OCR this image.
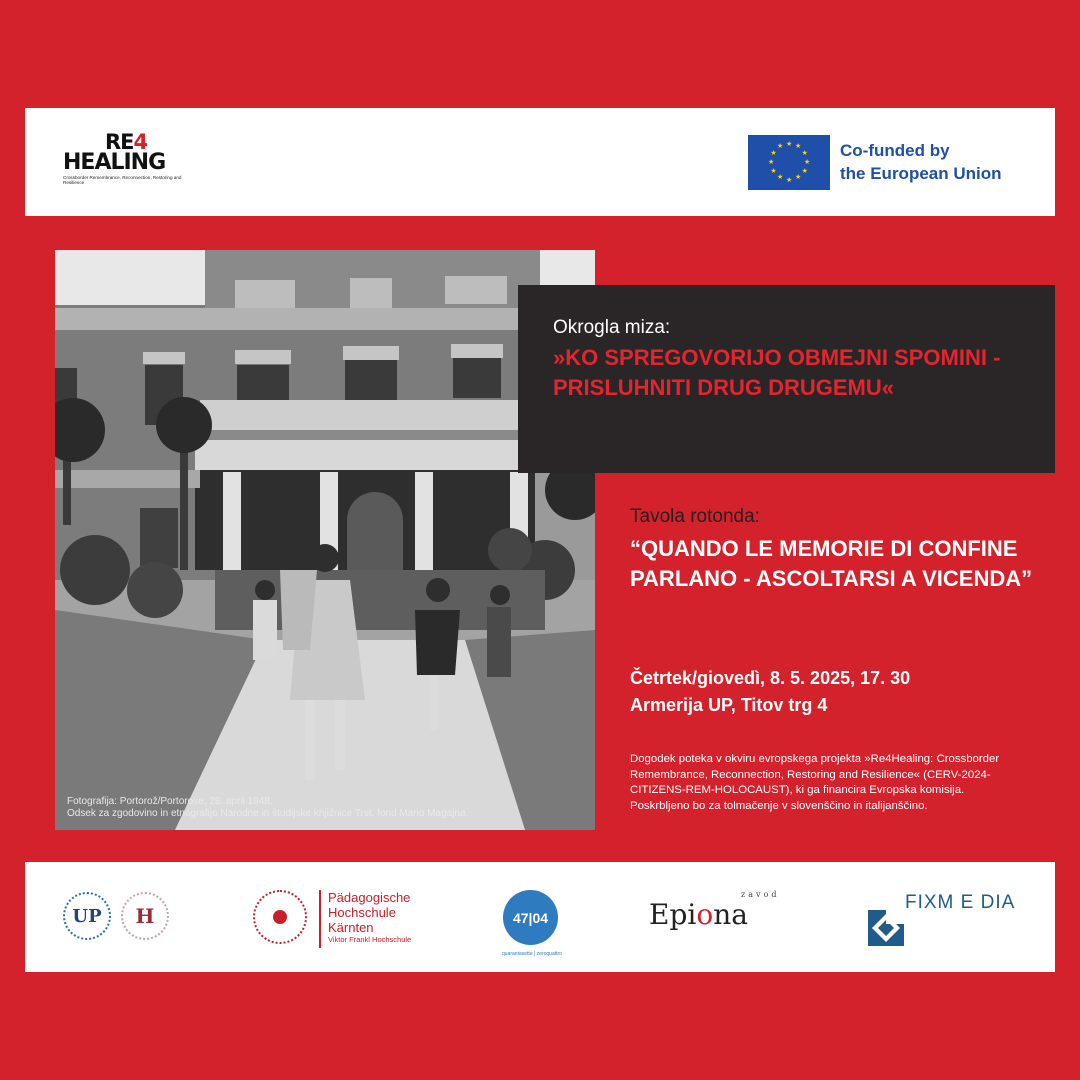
RE4
HEALING
Crossborder Remembrance, Reconnection, Restoring and Resilience
★ ★
★
★
★
★
★
★
★
★
★
★	Co-funded by
the European Union
Fotografija: Portorož/Portorose, 28. april 1948.
Odsek za zgodovino in etnografijo Narodne in študijske knjižnice Trst, fond Mario Magajna.
Okrogla miza:
»KO SPREGOVORIJO OBMEJNI SPOMINI - PRISLUHNITI DRUG DRUGEMU«
Tavola rotonda:
“QUANDO LE MEMORIE DI CONFINE PARLANO - ASCOLTARSI A VICENDA”
Četrtek/giovedì, 8. 5. 2025, 17. 30
Armerija UP, Titov trg 4
Dogodek poteka v okviru evropskega projekta »Re4Healing: Crossborder Remembrance, Reconnection, Restoring and Resilience« (CERV-2024-CITIZENS-REM-HOLOCAUST), ki ga financira Evropska komisija.
Poskrbljeno bo za tolmačenje v slovenščino in italijanščino.
UP H
Pädagogische
Hochschule
Kärnten
Viktor Frankl Hochschule
47|04
quarantasette | zeroquattro
zavod
Epiona	FIXM E DIA
